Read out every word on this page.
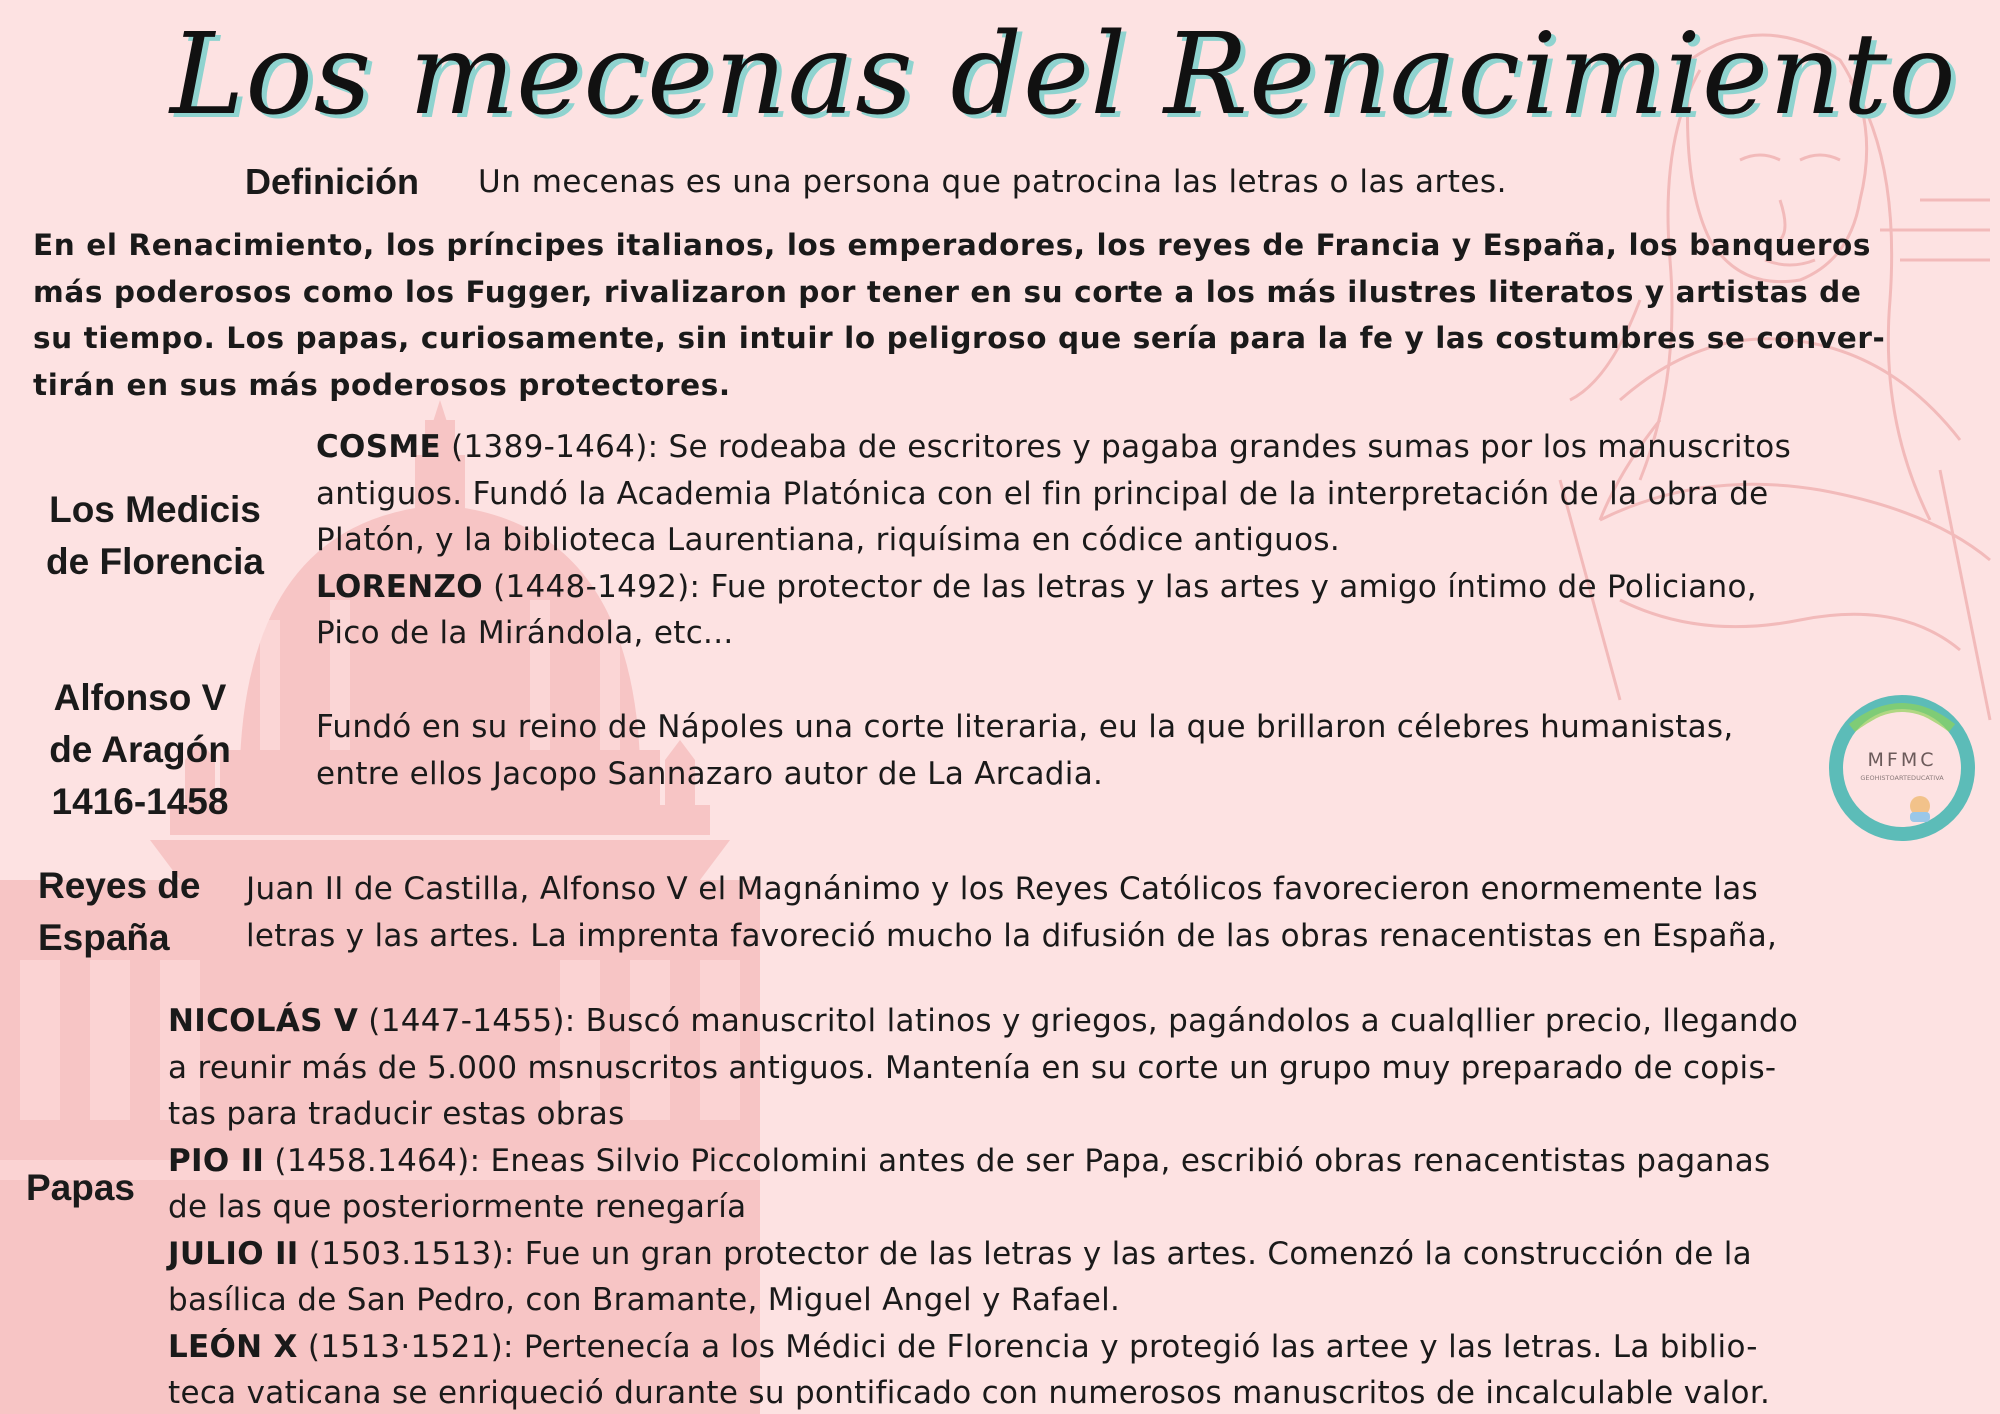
Los mecenas del Renacimiento
Definición Un mecenas es una persona que patrocina las letras o las artes.
En el Renacimiento, los príncipes italianos, los emperadores, los reyes de Francia y España, los banqueros
más poderosos como los Fugger, rivalizaron por tener en su corte a los más ilustres literatos y artistas de
su tiempo. Los papas, curiosamente, sin intuir lo peligroso que sería para la fe y las costumbres se conver-
tirán en sus más poderosos protectores.
Los Medicis
de Florencia
COSME (1389-1464): Se rodeaba de escritores y pagaba grandes sumas por los manuscritos
antiguos. Fundó la Academia Platónica con el fin principal de la interpretación de la obra de
Platón, y la biblioteca Laurentiana, riquísima en códice antiguos.
LORENZO (1448-1492): Fue protector de las letras y las artes y amigo íntimo de Policiano,
Pico de la Mirándola, etc...
Alfonso V
de Aragón
1416-1458
Fundó en su reino de Nápoles una corte literaria, eu la que brillaron célebres humanistas,
entre ellos Jacopo Sannazaro autor de La Arcadia.	MFMC
GEOHISTOARTEDUCATIVA
Reyes de
España
Juan II de Castilla, Alfonso V el Magnánimo y los Reyes Católicos favorecieron enormemente las
letras y las artes. La imprenta favoreció mucho la difusión de las obras renacentistas en España,
Papas
NICOLÁS V (1447-1455): Buscó manuscritol latinos y griegos, pagándolos a cualqllier precio, llegando
a reunir más de 5.000 msnuscritos antiguos. Mantenía en su corte un grupo muy preparado de copis-
tas para traducir estas obras
PIO II (1458.1464): Eneas Silvio Piccolomini antes de ser Papa, escribió obras renacentistas paganas
de las que posteriormente renegaría
JULIO II (1503.1513): Fue un gran protector de las letras y las artes. Comenzó la construcción de la
basílica de San Pedro, con Bramante, Miguel Angel y Rafael.
LEÓN X (1513·1521): Pertenecía a los Médici de Florencia y protegió las artee y las letras. La biblio-
teca vaticana se enriqueció durante su pontificado con numerosos manuscritos de incalculable valor.
